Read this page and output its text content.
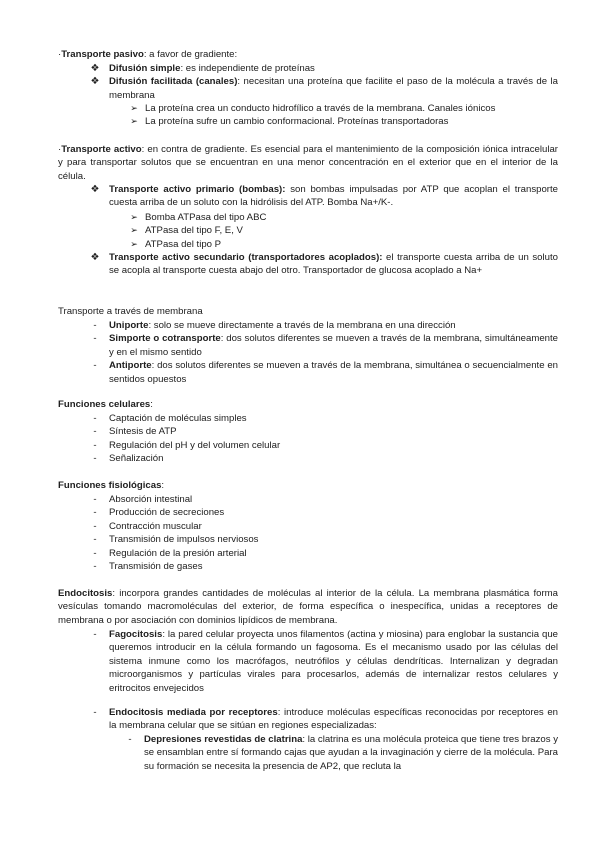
·Transporte pasivo: a favor de gradiente:

❖ Difusión simple: es independiente de proteínas
❖ Difusión facilitada (canales): necesitan una proteína que facilite el paso de la molécula a través de la membrana
➢ La proteína crea un conducto hidrofílico a través de la membrana. Canales iónicos
➢ La proteína sufre un cambio conformacional. Proteínas transportadoras

·Transporte activo: en contra de gradiente. Es esencial para el mantenimiento de la composición iónica intracelular y para transportar solutos que se encuentran en una menor concentración en el exterior que en el interior de la célula.

❖ Transporte activo primario (bombas): son bombas impulsadas por ATP que acoplan el transporte cuesta arriba de un soluto con la hidrólisis del ATP. Bomba Na+/K-.
➢ Bomba ATPasa del tipo ABC
➢ ATPasa del tipo F, E, V
➢ ATPasa del tipo P
❖ Transporte activo secundario (transportadores acoplados): el transporte cuesta arriba de un soluto se acopla al transporte cuesta abajo del otro. Transportador de glucosa acoplado a Na+

Transporte a través de membrana

-	Uniporte: solo se mueve directamente a través de la membrana en una dirección
-	Simporte o cotransporte: dos solutos diferentes se mueven a través de la membrana, simultáneamente y en el mismo sentido
-	Antiporte: dos solutos diferentes se mueven a través de la membrana, simultánea o secuencialmente en sentidos opuestos

Funciones celulares:

-	Captación de moléculas simples
-	Síntesis de ATP
-	Regulación del pH y del volumen celular
-	Señalización

Funciones fisiológicas:

-	Absorción intestinal
-	Producción de secreciones
-	Contracción muscular
-	Transmisión de impulsos nerviosos
-	Regulación de la presión arterial
-	Transmisión de gases

Endocitosis: incorpora grandes cantidades de moléculas al interior de la célula. La membrana plasmática forma vesículas tomando macromoléculas del exterior, de forma específica o inespecífica, unidas a receptores de membrana o por asociación con dominios lipídicos de membrana.

-	Fagocitosis: la pared celular proyecta unos filamentos (actina y miosina) para englobar la sustancia que queremos introducir en la célula formando un fagosoma. Es el mecanismo usado por las células del sistema inmune como los macrófagos, neutrófilos y células dendríticas. Internalizan y degradan microorganismos y partículas virales para procesarlos, además de internalizar restos celulares y eritrocitos envejecidos
-	Endocitosis mediada por receptores: introduce moléculas específicas reconocidas por receptores en la membrana celular que se sitúan en regiones especializadas:
-	Depresiones revestidas de clatrina: la clatrina es una molécula proteica que tiene tres brazos y se ensamblan entre sí formando cajas que ayudan a la invaginación y cierre de la molécula. Para su formación se necesita la presencia de AP2, que recluta la
